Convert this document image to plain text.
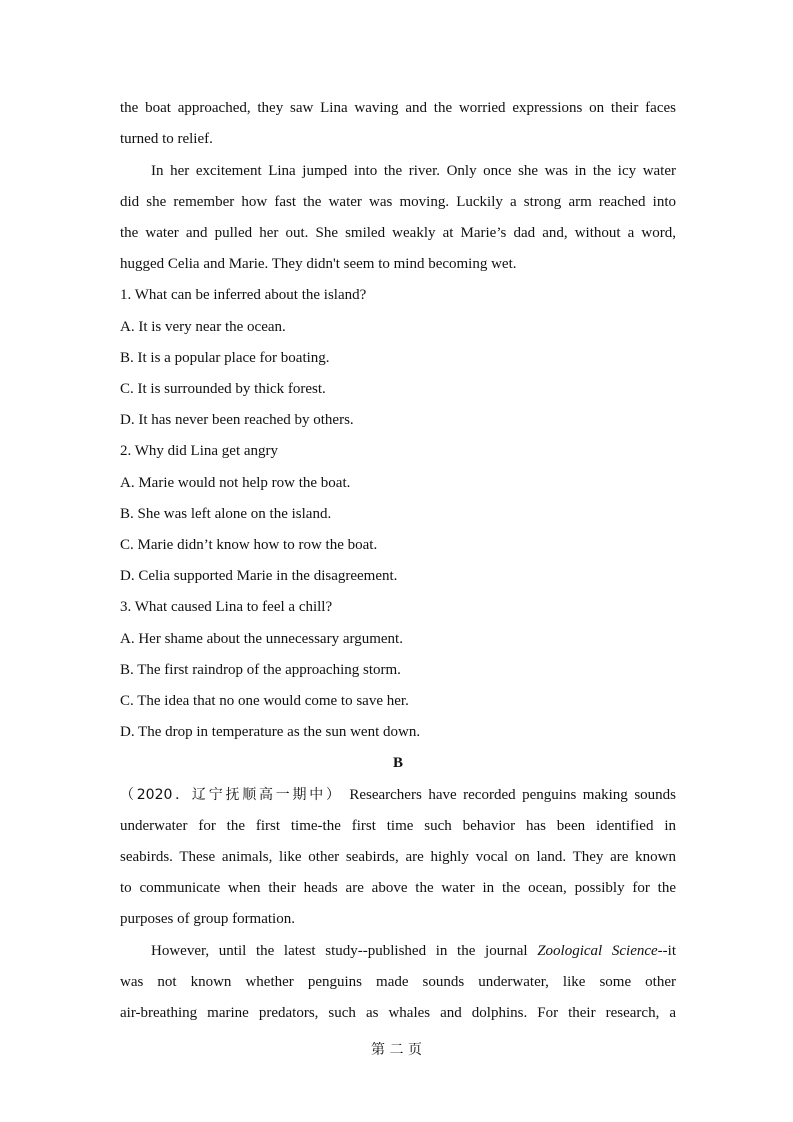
the boat approached, they saw Lina waving and the worried expressions on their faces
turned to relief.
In her excitement Lina jumped into the river. Only once she was in the icy water
did she remember how fast the water was moving. Luckily a strong arm reached into
the water and pulled her out. She smiled weakly at Marie’s dad and, without a word,
hugged Celia and Marie. They didn't seem to mind becoming wet.
1. What can be inferred about the island?
A. It is very near the ocean.
B. It is a popular place for boating.
C. It is surrounded by thick forest.
D. It has never been reached by others.
2. Why did Lina get angry
A. Marie would not help row the boat.
B. She was left alone on the island.
C. Marie didn’t know how to row the boat.
D. Celia supported Marie in the disagreement.
3. What caused Lina to feel a chill?
A. Her shame about the unnecessary argument.
B. The first raindrop of the approaching storm.
C. The idea that no one would come to save her.
D. The drop in temperature as the sun went down.
B
（2020．辽宁抚顺高一期中） Researchers have recorded penguins making sounds
underwater for the first time-the first time such behavior has been identified in
seabirds. These animals, like other seabirds, are highly vocal on land. They are known
to communicate when their heads are above the water in the ocean, possibly for the
purposes of group formation.
However, until the latest study--published in the journal Zoological Science--it
was not known whether penguins made sounds underwater, like some other
air-breathing marine predators, such as whales and dolphins. For their research, a
第 二 页
